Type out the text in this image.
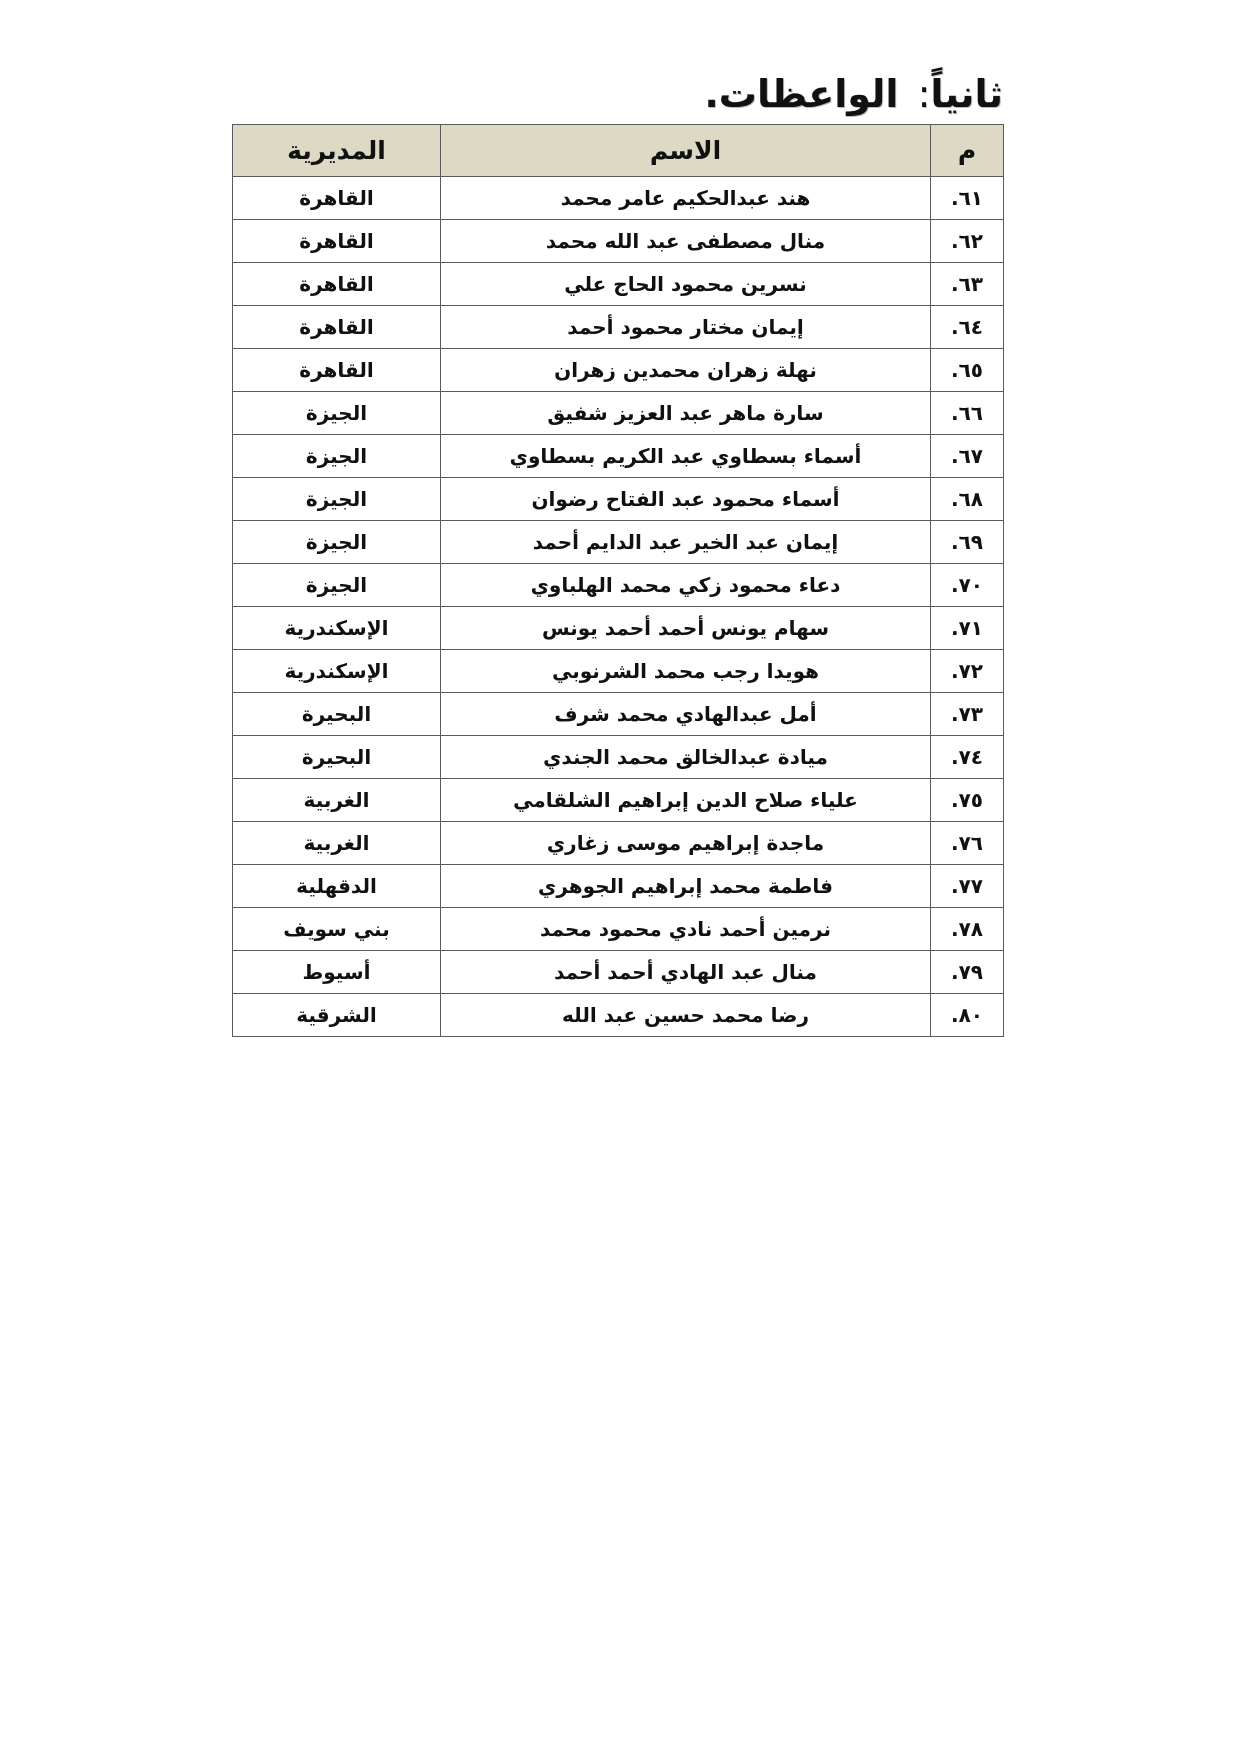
ثانياً: الواعظات.
م	الاسم	المديرية
٦١.	هند عبدالحكيم عامر محمد	القاهرة
٦٢.	منال مصطفى عبد الله محمد	القاهرة
٦٣.	نسرين محمود الحاج علي	القاهرة
٦٤.	إيمان مختار محمود أحمد	القاهرة
٦٥.	نهلة زهران محمدين زهران	القاهرة
٦٦.	سارة ماهر عبد العزيز شفيق	الجيزة
٦٧.	أسماء بسطاوي عبد الكريم بسطاوي	الجيزة
٦٨.	أسماء محمود عبد الفتاح رضوان	الجيزة
٦٩.	إيمان عبد الخير عبد الدايم أحمد	الجيزة
٧٠.	دعاء محمود زكي محمد الهلباوي	الجيزة
٧١.	سهام يونس أحمد أحمد يونس	الإسكندرية
٧٢.	هويدا رجب محمد الشرنوبي	الإسكندرية
٧٣.	أمل عبدالهادي محمد شرف	البحيرة
٧٤.	ميادة عبدالخالق محمد الجندي	البحيرة
٧٥.	علياء صلاح الدين إبراهيم الشلقامي	الغربية
٧٦.	ماجدة إبراهيم موسى زغاري	الغربية
٧٧.	فاطمة محمد إبراهيم الجوهري	الدقهلية
٧٨.	نرمين أحمد نادي محمود محمد	بني سويف
٧٩.	منال عبد الهادي أحمد أحمد	أسيوط
٨٠.	رضا محمد حسين عبد الله	الشرقية
